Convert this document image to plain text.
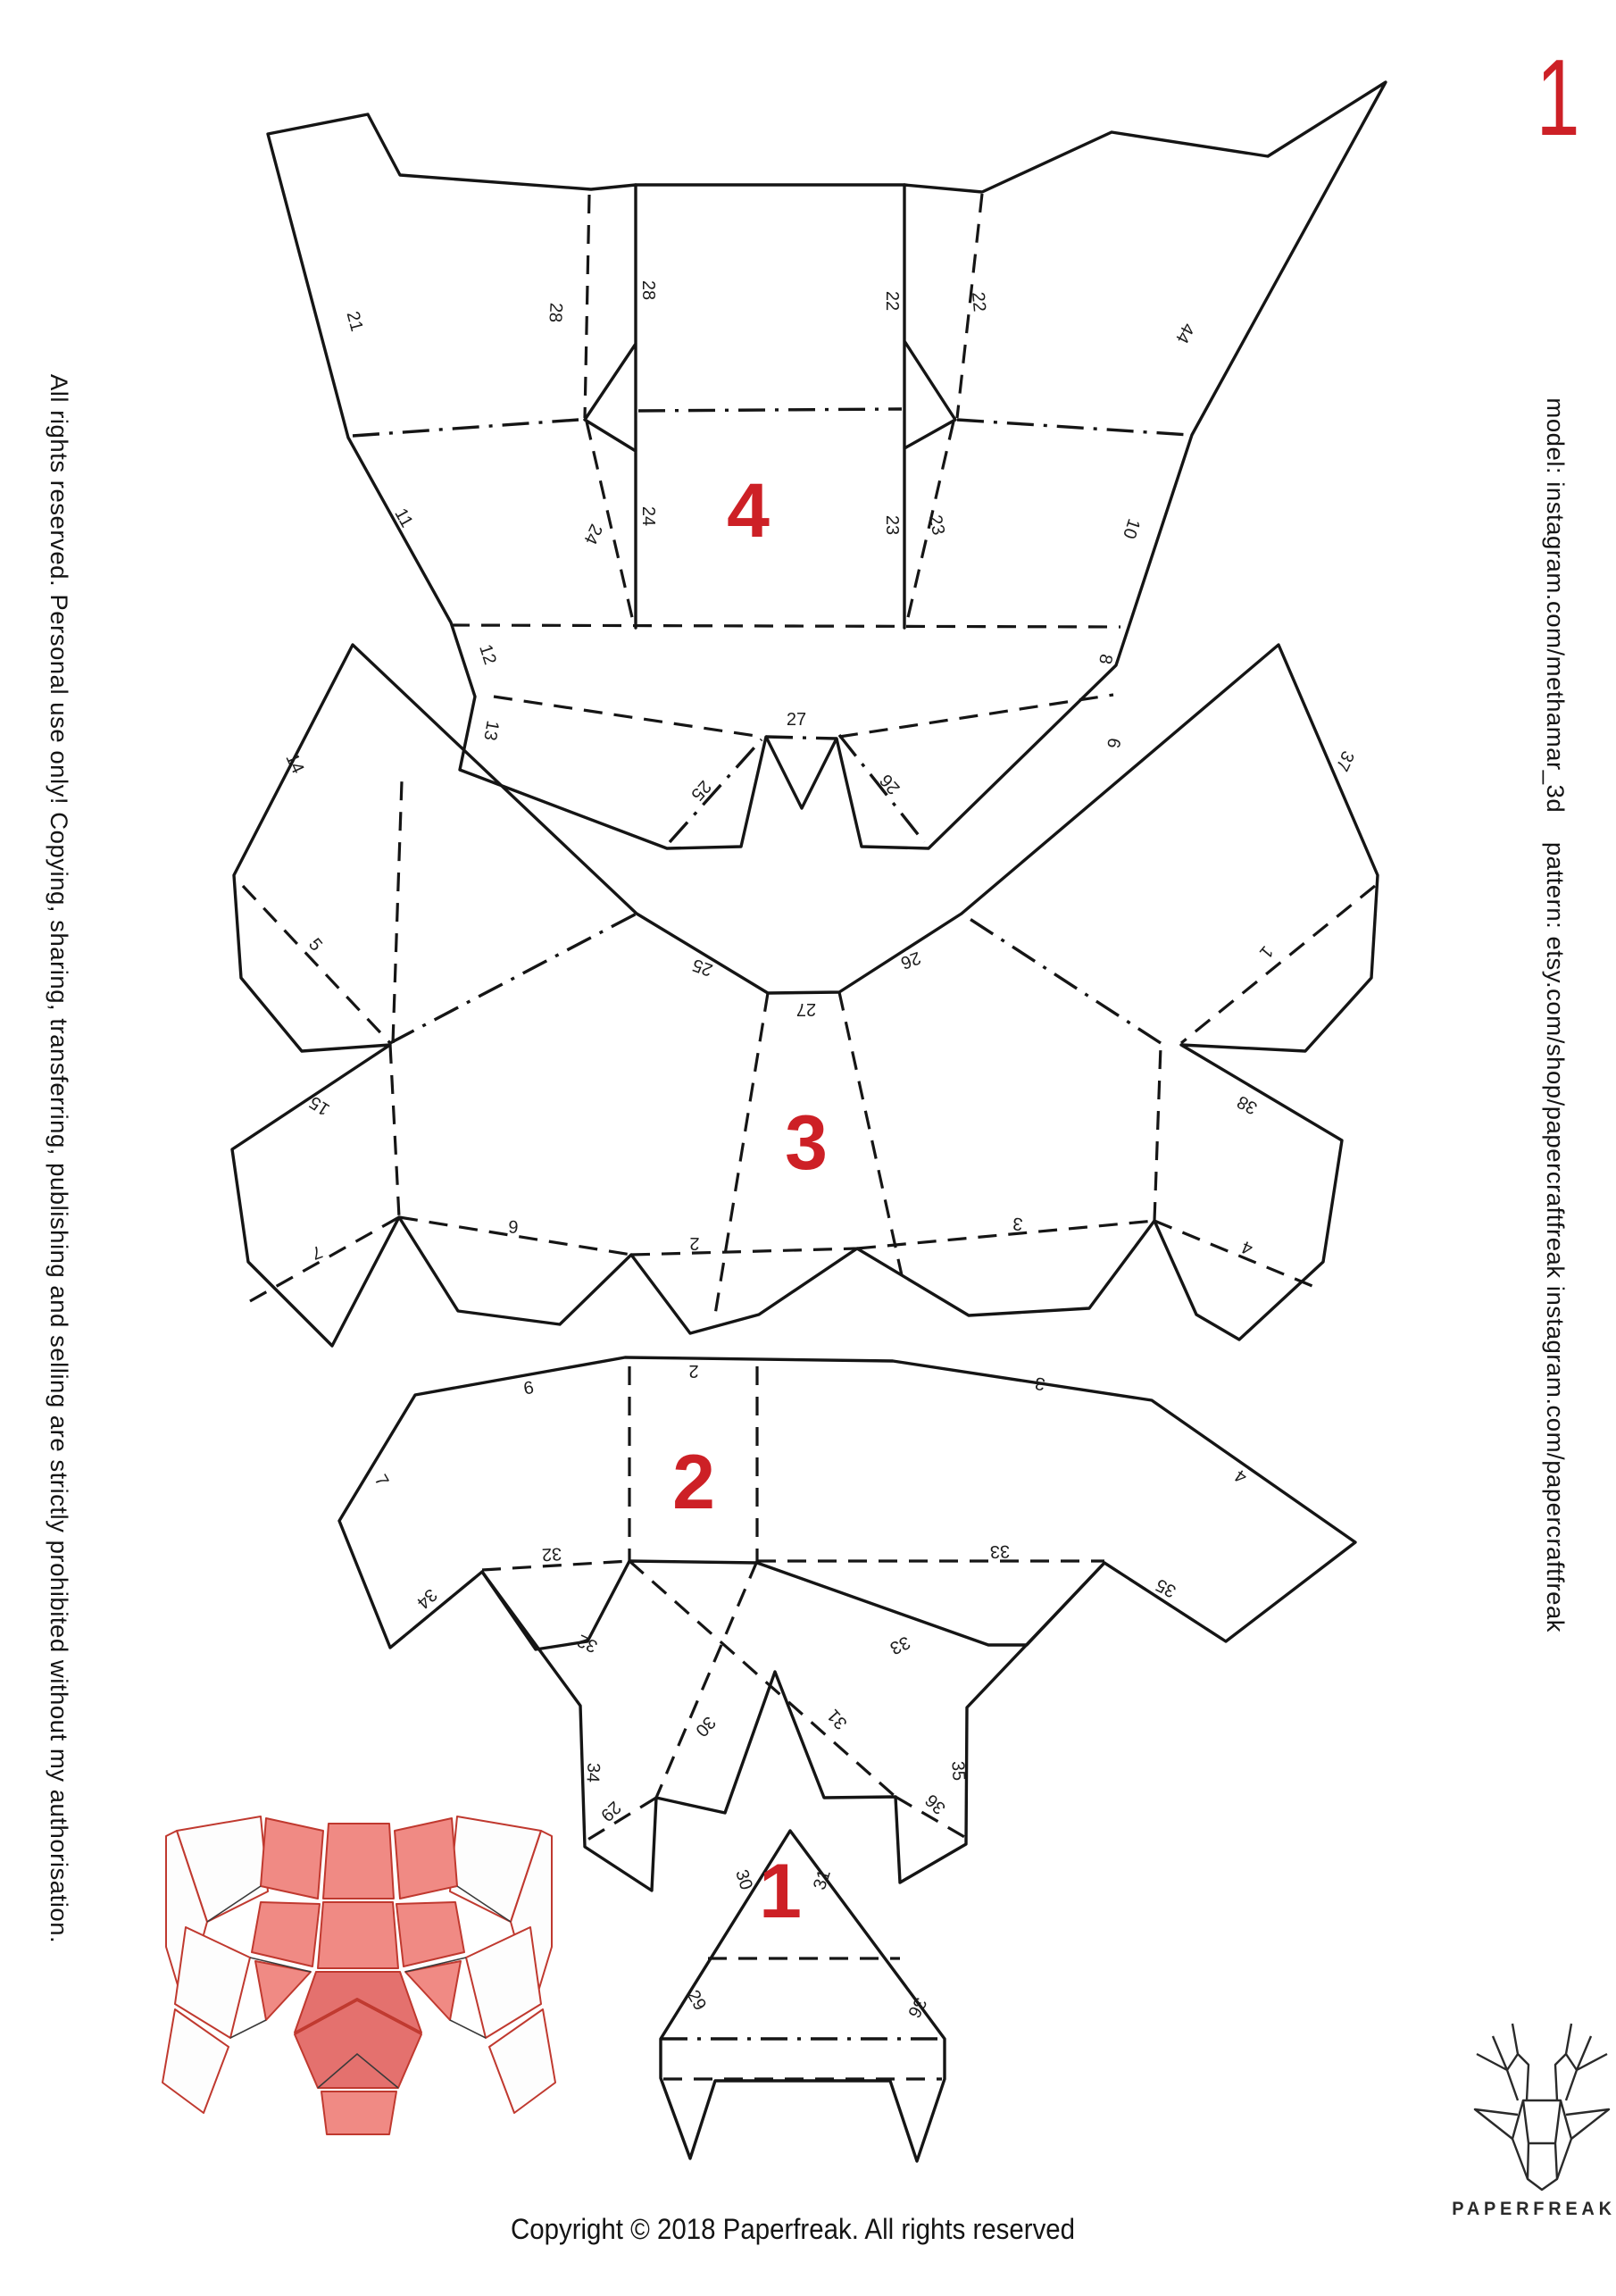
21	28
28
24
24
11
12
13
22	22
23 23
44
10
8
6
25	26
27
4
14
5
37
1
25	26
27
15	38
7
6
2
3
4
3
9
2
3
7	4
32	33
34	35
32	33
30	31
34	35
29	36
2
30	31
29	36
1
1
All rights reserved. Personal use only! Copying, sharing, transferring, publishing and selling are strictly prohibited without my authorisation.	model: instagram.com/methamar_3d    pattern: etsy.com/shop/papercraftfreak instagram.com/papercraftfreak
Copyright © 2018 Paperfreak. All rights reserved
PAPERFREAK
